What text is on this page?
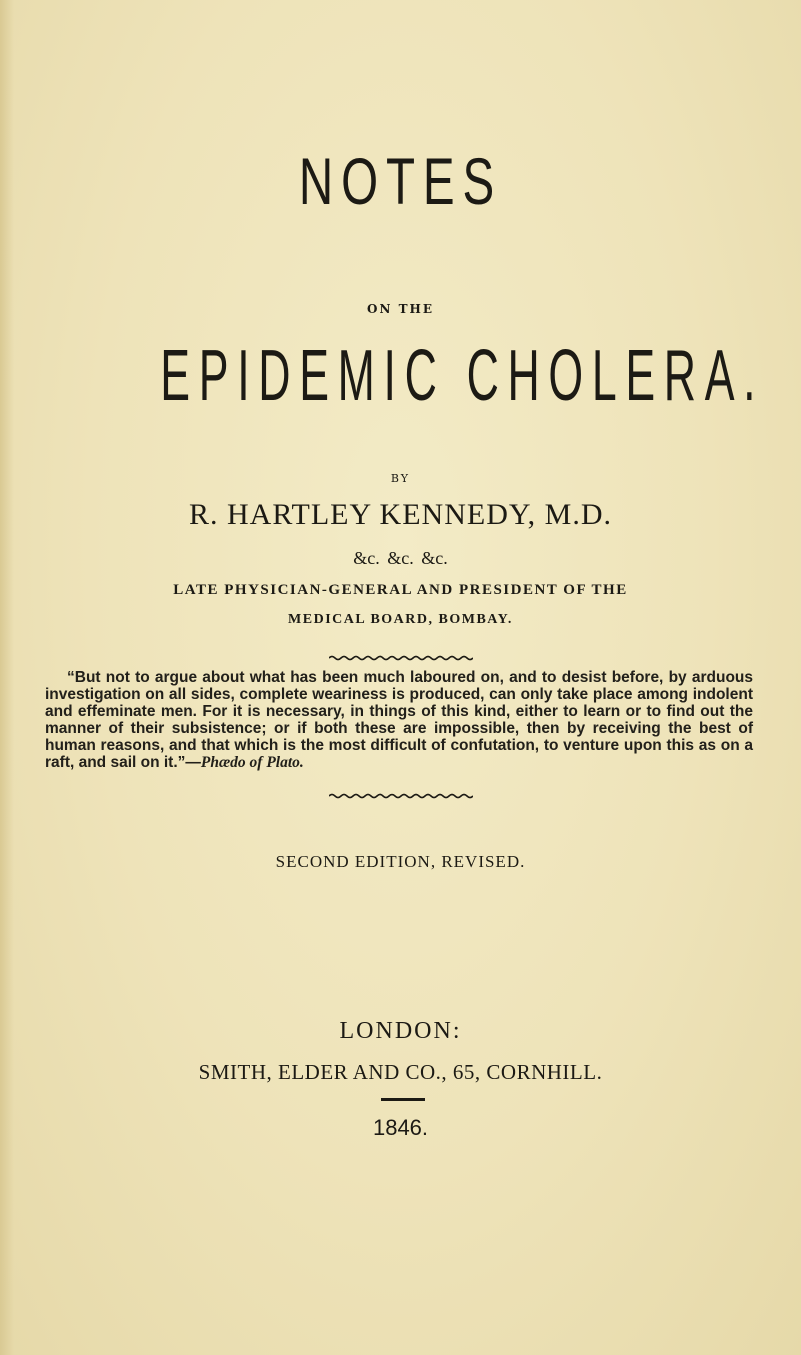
NOTES
ON THE
EPIDEMIC CHOLERA.
BY
R. HARTLEY KENNEDY, M.D.
&c. &c. &c.
LATE PHYSICIAN-GENERAL AND PRESIDENT OF THE
MEDICAL BOARD, BOMBAY.
“But not to argue about what has been much laboured on, and to desist before, by arduous investigation on all sides, complete weariness is produced, can only take place among indolent and effeminate men. For it is necessary, in things of this kind, either to learn or to find out the manner of their subsistence; or if both these are impossible, then by receiving the best of human reasons, and that which is the most difficult of confutation, to venture upon this as on a raft, and sail on it.”—Phædo of Plato.
SECOND EDITION, REVISED.
LONDON:
SMITH, ELDER AND CO., 65, CORNHILL.
1846.
